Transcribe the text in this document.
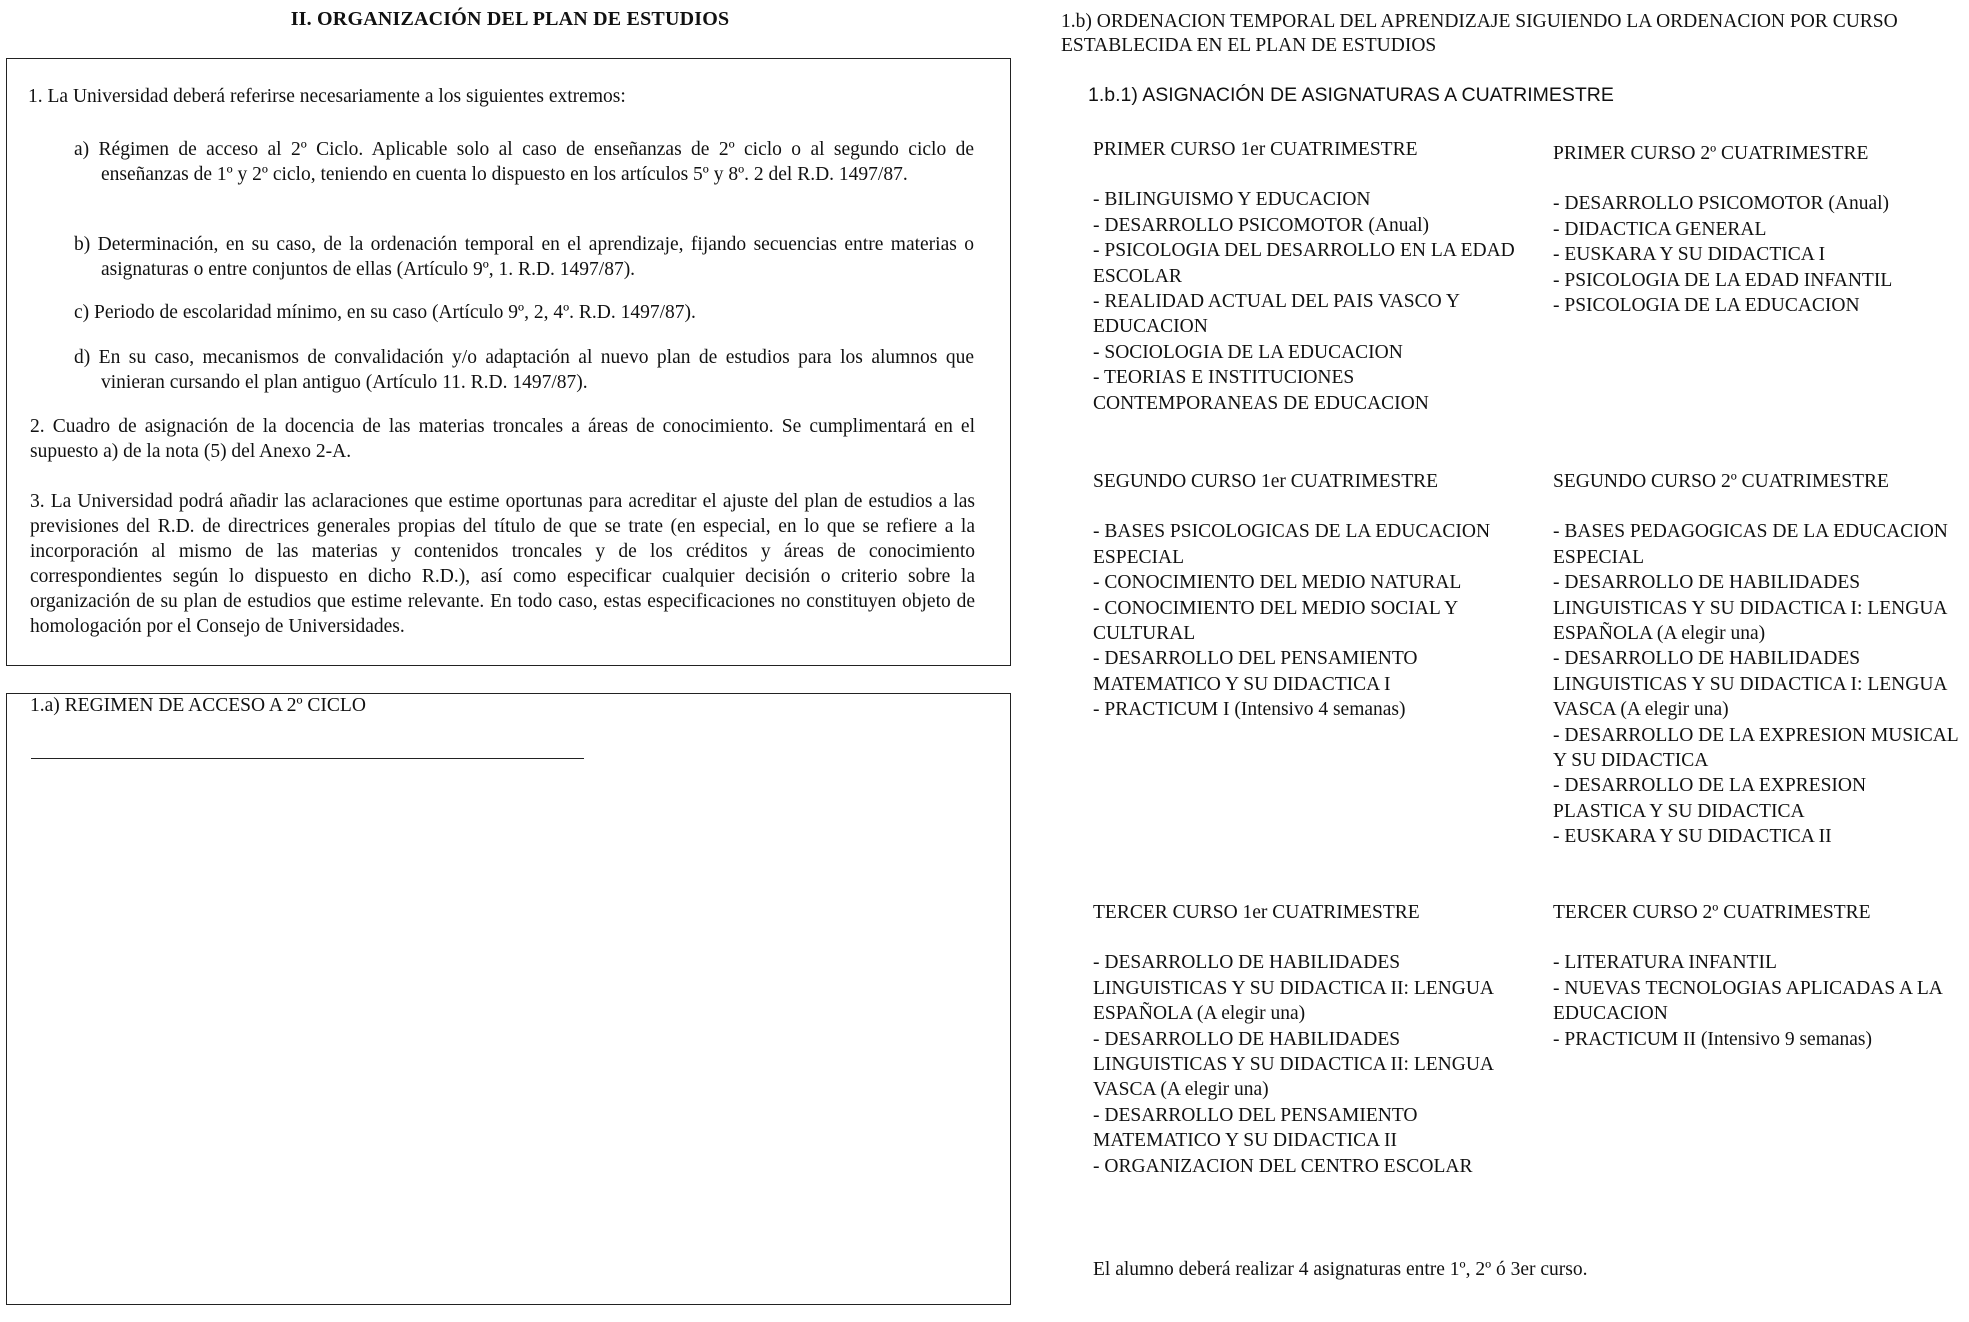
II. ORGANIZACIÓN DEL PLAN DE ESTUDIOS
1. La Universidad deberá referirse necesariamente a los siguientes extremos:
a) Régimen de acceso al 2º Ciclo. Aplicable solo al caso de enseñanzas de 2º ciclo o al segundo ciclo de enseñanzas de 1º y 2º ciclo, teniendo en cuenta lo dispuesto en los artículos 5º y 8º. 2 del R.D. 1497/87.
b) Determinación, en su caso, de la ordenación temporal en el aprendizaje, fijando secuencias entre materias o asignaturas o entre conjuntos de ellas (Artículo 9º, 1. R.D. 1497/87).
c) Periodo de escolaridad mínimo, en su caso (Artículo 9º, 2, 4º. R.D. 1497/87).
d) En su caso, mecanismos de convalidación y/o adaptación al nuevo plan de estudios para los alumnos que vinieran cursando el plan antiguo (Artículo 11. R.D. 1497/87).
2. Cuadro de asignación de la docencia de las materias troncales a áreas de conocimiento. Se cumplimentará en el supuesto a) de la nota (5) del Anexo 2-A.
3. La Universidad podrá añadir las aclaraciones que estime oportunas para acreditar el ajuste del plan de estudios a las previsiones del R.D. de directrices generales propias del título de que se trate (en especial, en lo que se refiere a la incorporación al mismo de las materias y contenidos troncales y de los créditos y áreas de conocimiento correspondientes según lo dispuesto en dicho R.D.), así como especificar cualquier decisión o criterio sobre la organización de su plan de estudios que estime relevante. En todo caso, estas especificaciones no constituyen objeto de homologación por el Consejo de Universidades.
1.a) REGIMEN DE ACCESO A 2º CICLO
1.b) ORDENACION TEMPORAL DEL APRENDIZAJE SIGUIENDO LA ORDENACION POR CURSO ESTABLECIDA EN EL PLAN DE ESTUDIOS
1.b.1) ASIGNACIÓN DE ASIGNATURAS A CUATRIMESTRE
PRIMER CURSO 1er CUATRIMESTRE
- BILINGUISMO Y EDUCACION
- DESARROLLO PSICOMOTOR (Anual)
- PSICOLOGIA DEL DESARROLLO EN LA EDAD ESCOLAR
- REALIDAD ACTUAL DEL PAIS VASCO Y EDUCACION
- SOCIOLOGIA DE LA EDUCACION
- TEORIAS E INSTITUCIONES CONTEMPORANEAS DE EDUCACION
PRIMER CURSO 2º CUATRIMESTRE
- DESARROLLO PSICOMOTOR (Anual)
- DIDACTICA GENERAL
- EUSKARA Y SU DIDACTICA I
- PSICOLOGIA DE LA EDAD INFANTIL
- PSICOLOGIA DE LA EDUCACION
SEGUNDO CURSO 1er CUATRIMESTRE
- BASES PSICOLOGICAS DE LA EDUCACION ESPECIAL
- CONOCIMIENTO DEL MEDIO NATURAL
- CONOCIMIENTO DEL MEDIO SOCIAL Y CULTURAL
- DESARROLLO DEL PENSAMIENTO MATEMATICO Y SU DIDACTICA I
- PRACTICUM I (Intensivo 4 semanas)
SEGUNDO CURSO 2º CUATRIMESTRE
- BASES PEDAGOGICAS DE LA EDUCACION ESPECIAL
- DESARROLLO DE HABILIDADES LINGUISTICAS Y SU DIDACTICA I: LENGUA ESPAÑOLA (A elegir una)
- DESARROLLO DE HABILIDADES LINGUISTICAS Y SU DIDACTICA I: LENGUA VASCA (A elegir una)
- DESARROLLO DE LA EXPRESION MUSICAL Y SU DIDACTICA
- DESARROLLO DE LA EXPRESION PLASTICA Y SU DIDACTICA
- EUSKARA Y SU DIDACTICA II
TERCER CURSO 1er CUATRIMESTRE
- DESARROLLO DE HABILIDADES LINGUISTICAS Y SU DIDACTICA II: LENGUA ESPAÑOLA (A elegir una)
- DESARROLLO DE HABILIDADES LINGUISTICAS Y SU DIDACTICA II: LENGUA VASCA (A elegir una)
- DESARROLLO DEL PENSAMIENTO MATEMATICO Y SU DIDACTICA II
- ORGANIZACION DEL CENTRO ESCOLAR
TERCER CURSO 2º CUATRIMESTRE
- LITERATURA INFANTIL
- NUEVAS TECNOLOGIAS APLICADAS A LA EDUCACION
- PRACTICUM II (Intensivo 9 semanas)
El alumno deberá realizar 4 asignaturas entre 1º, 2º ó 3er curso.
